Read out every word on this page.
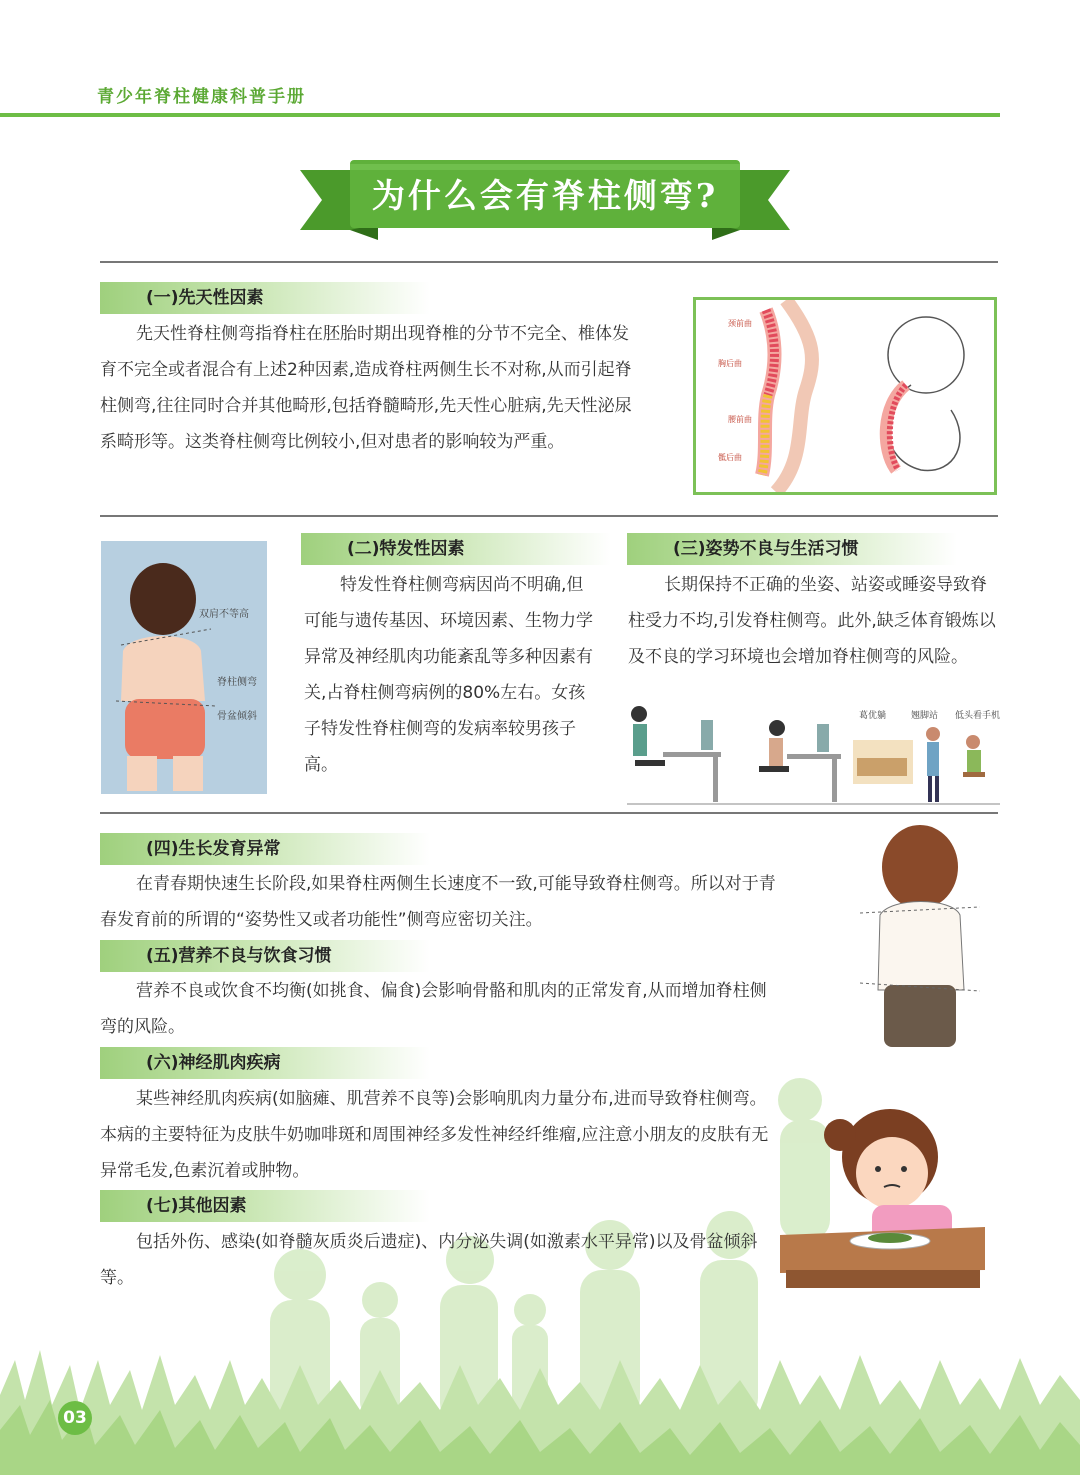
青少年脊柱健康科普手册
为什么会有脊柱侧弯?
(一)先天性因素

先天性脊柱侧弯指脊柱在胚胎时期出现脊椎的分节不完全、椎体发育不完全或者混合有上述2种因素,造成脊柱两侧生长不对称,从而引起脊柱侧弯,往往同时合并其他畸形,包括脊髓畸形,先天性心脏病,先天性泌尿系畸形等。这类脊柱侧弯比例较小,但对患者的影响较为严重。

颈前曲
胸后曲
腰前曲
骶后曲
双肩不等高
脊柱侧弯
骨盆倾斜
(二)特发性因素

特发性脊柱侧弯病因尚不明确,但可能与遗传基因、环境因素、生物力学异常及神经肌肉功能紊乱等多种因素有关,占脊柱侧弯病例的80%左右。女孩子特发性脊柱侧弯的发病率较男孩子高。

(三)姿势不良与生活习惯

长期保持不正确的坐姿、站姿或睡姿导致脊柱受力不均,引发脊柱侧弯。此外,缺乏体育锻炼以及不良的学习环境也会增加脊柱侧弯的风险。

葛优躺	翘脚站 低头看手机
(四)生长发育异常

在青春期快速生长阶段,如果脊柱两侧生长速度不一致,可能导致脊柱侧弯。所以对于青春发育前的所谓的“姿势性又或者功能性”侧弯应密切关注。

(五)营养不良与饮食习惯

营养不良或饮食不均衡(如挑食、偏食)会影响骨骼和肌肉的正常发育,从而增加脊柱侧弯的风险。

(六)神经肌肉疾病

某些神经肌肉疾病(如脑瘫、肌营养不良等)会影响肌肉力量分布,进而导致脊柱侧弯。本病的主要特征为皮肤牛奶咖啡斑和周围神经多发性神经纤维瘤,应注意小朋友的皮肤有无异常毛发,色素沉着或肿物。

(七)其他因素

包括外伤、感染(如脊髓灰质炎后遗症)、内分泌失调(如激素水平异常)以及骨盆倾斜等。

03
